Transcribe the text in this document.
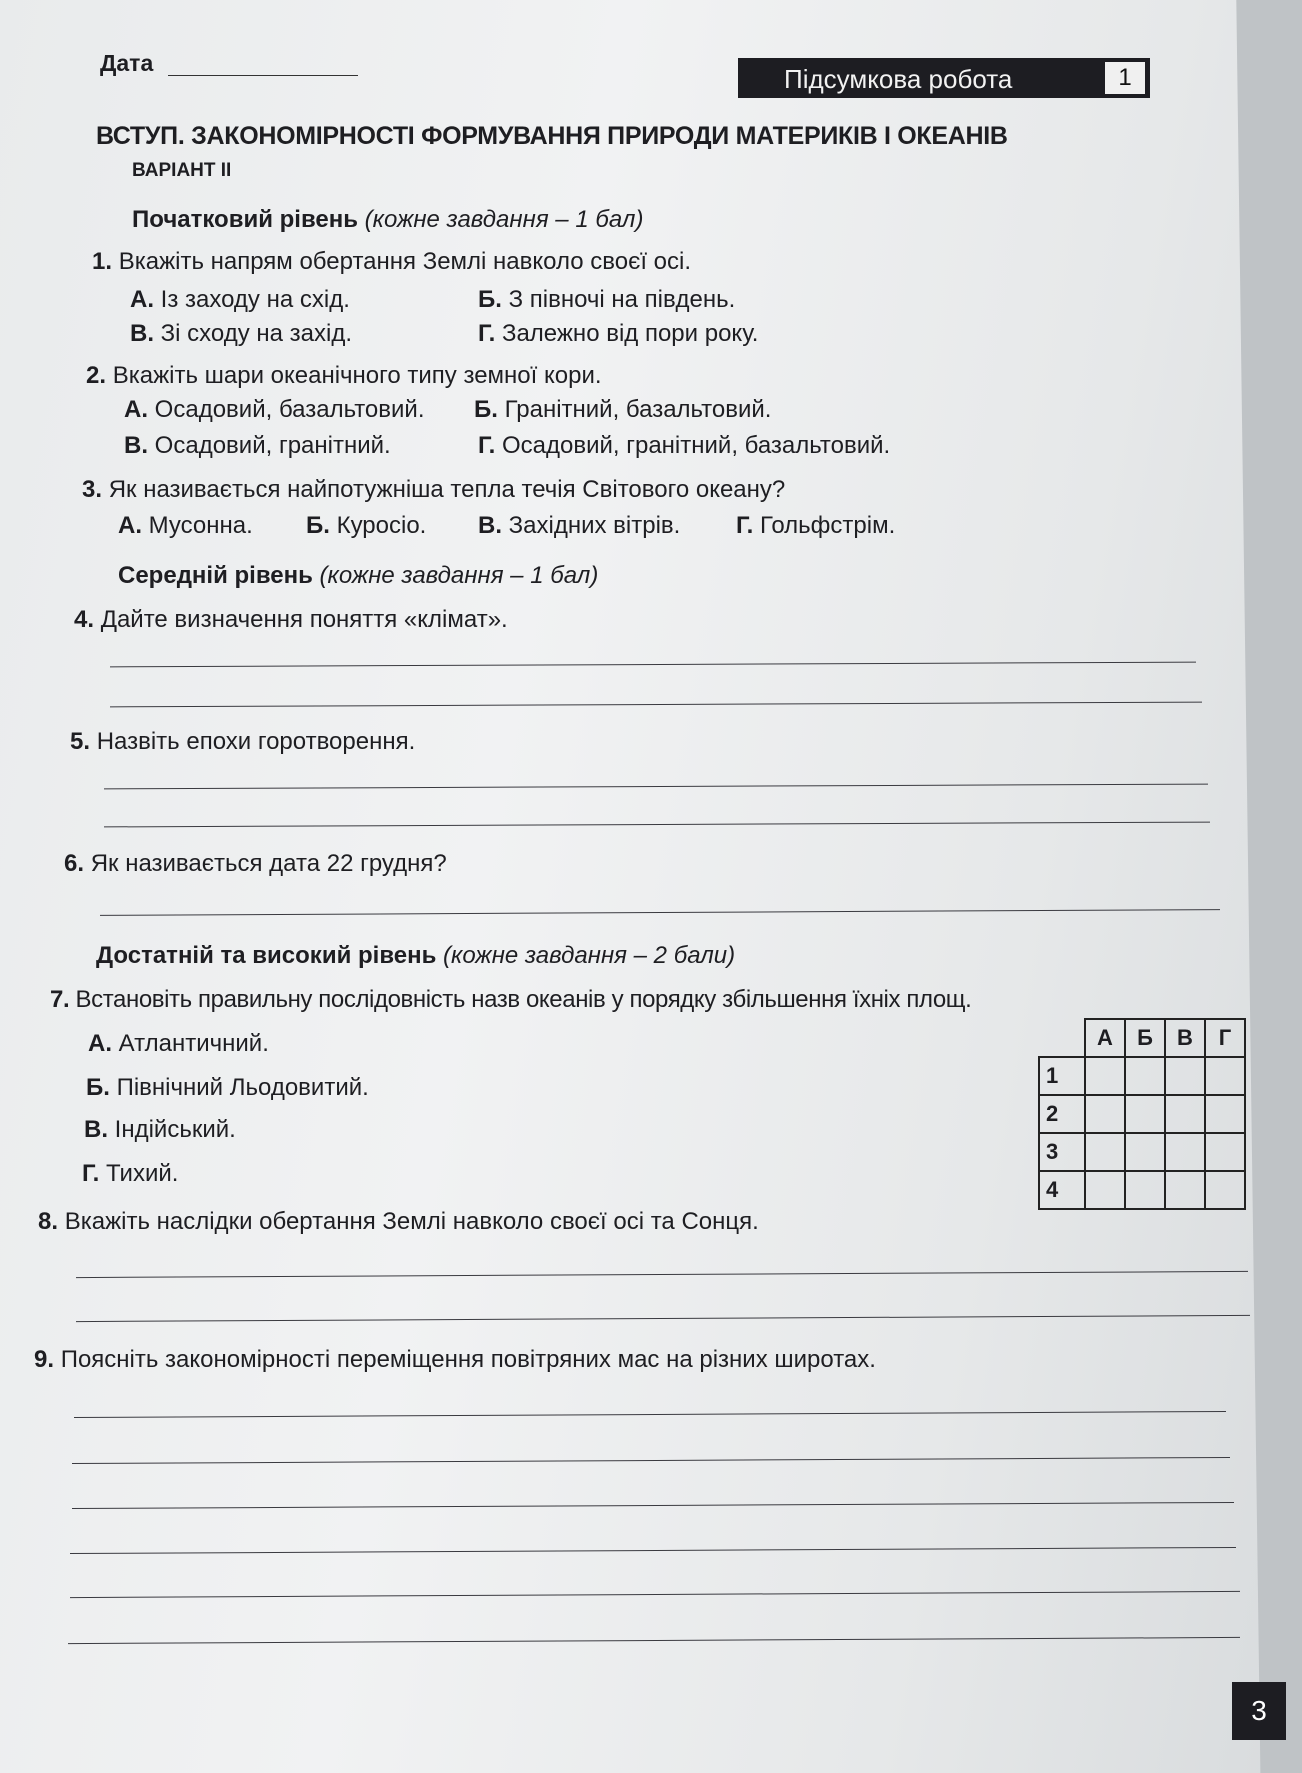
Дата
Підсумкова робота	1
ВСТУП. ЗАКОНОМІРНОСТІ ФОРМУВАННЯ ПРИРОДИ МАТЕРИКІВ І ОКЕАНІВ
ВАРІАНТ II
Початковий рівень (кожне завдання – 1 бал)
1. Вкажіть напрям обертання Землі навколо своєї осі.
А. Із заходу на схід.	Б. З півночі на південь.
В. Зі сходу на захід.	Г. Залежно від пори року.
2. Вкажіть шари океанічного типу земної кори.
А. Осадовий, базальтовий. Б. Гранітний, базальтовий.
В. Осадовий, гранітний.	Г. Осадовий, гранітний, базальтовий.
3. Як називається найпотужніша тепла течія Світового океану?
А. Мусонна. Б. Куросіо. В. Західних вітрів. Г. Гольфстрім.
Середній рівень (кожне завдання – 1 бал)
4. Дайте визначення поняття «клімат».
5. Назвіть епохи горотворення.
6. Як називається дата 22 грудня?
Достатній та високий рівень (кожне завдання – 2 бали)
7. Встановіть правильну послідовність назв океанів у порядку збільшення їхніх площ.
А. Атлантичний.
Б. Північний Льодовитий.
В. Індійський.
Г. Тихий.
	А	Б	В	Г
1				
2				
3				
4				
8. Вкажіть наслідки обертання Землі навколо своєї осі та Сонця.
9. Поясніть закономірності переміщення повітряних мас на різних широтах.
3
